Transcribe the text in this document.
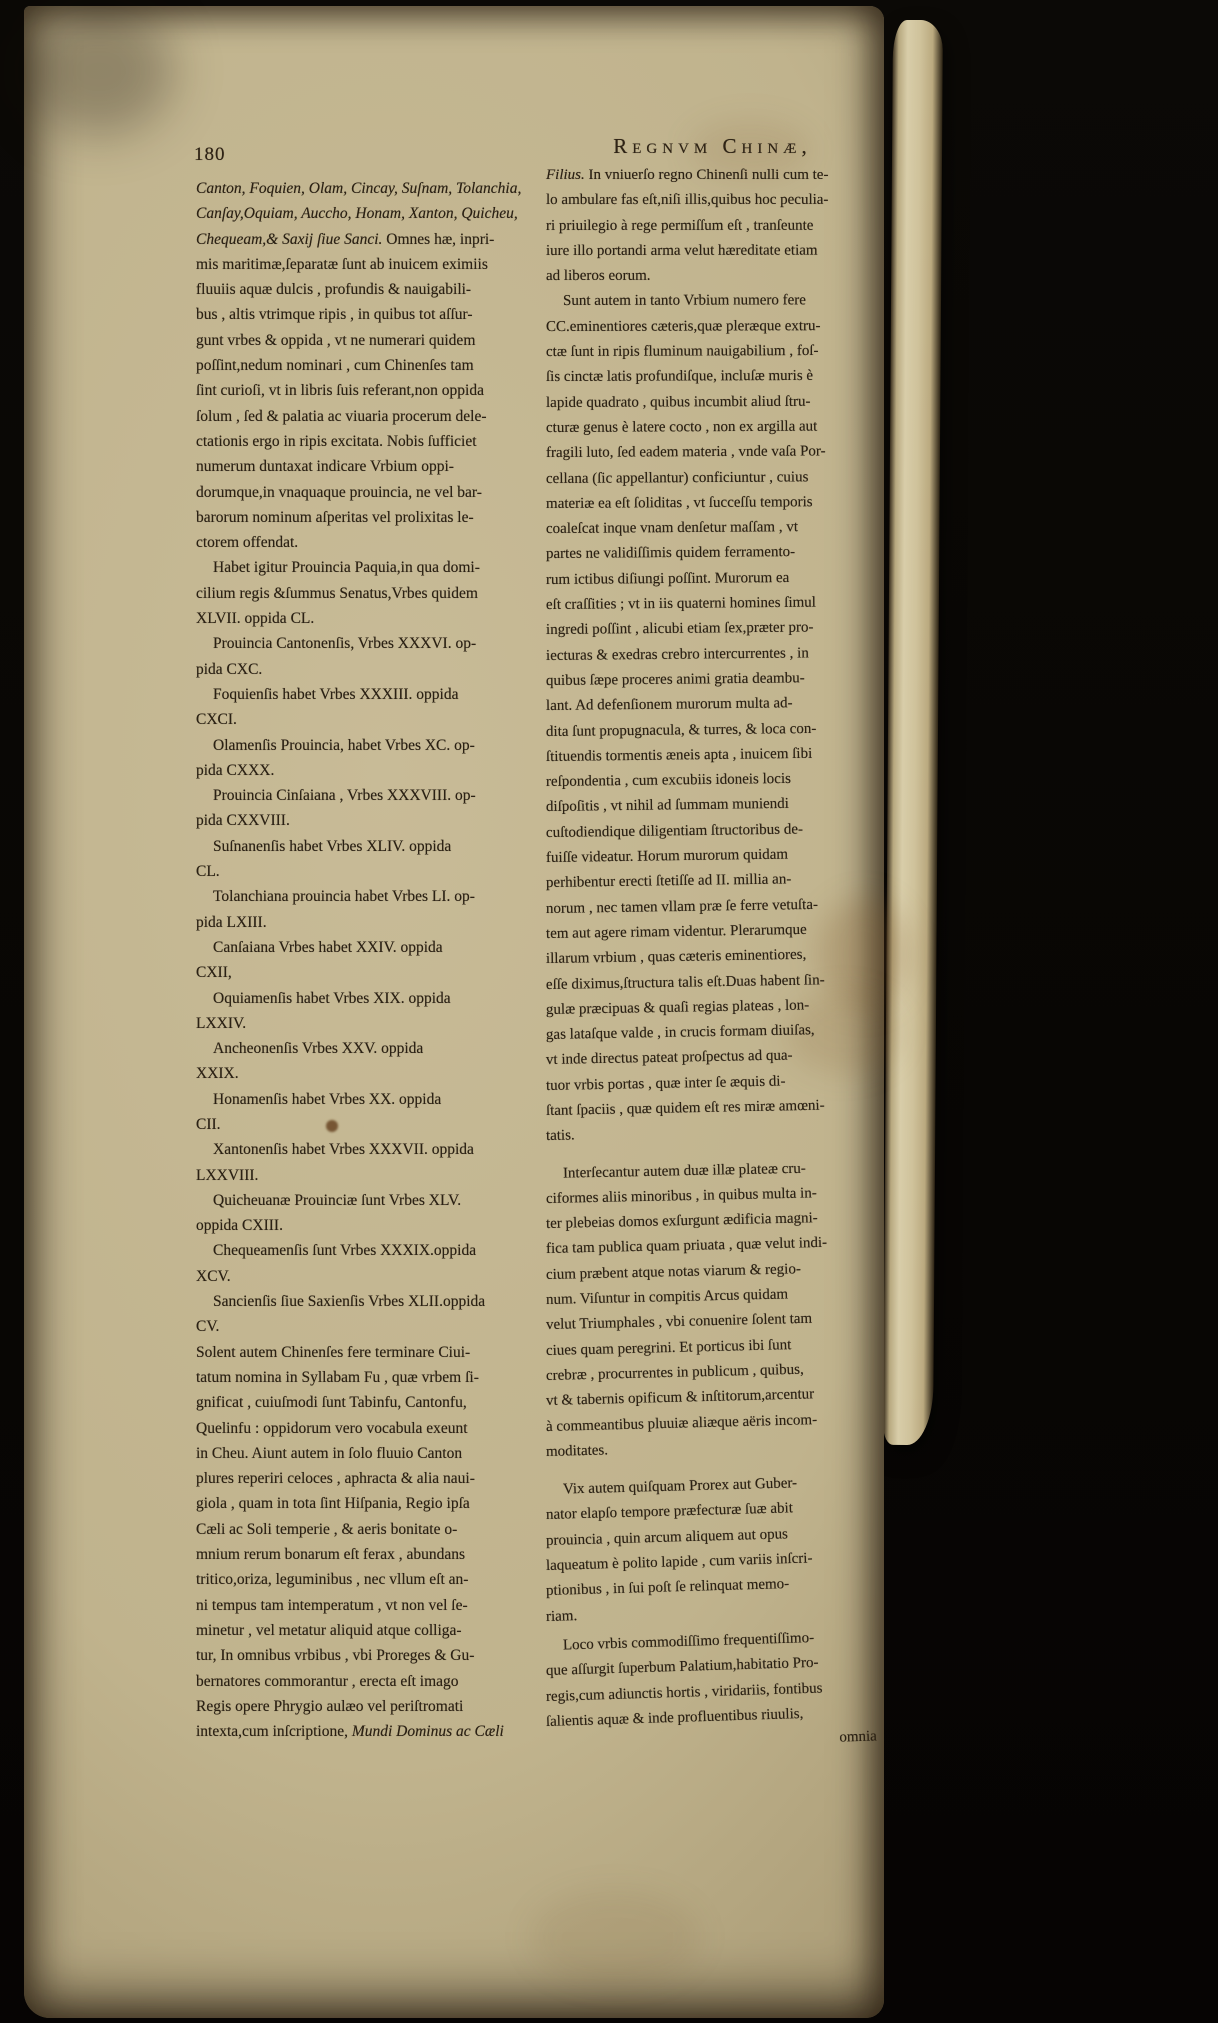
180	Regnvm Chinæ,
Canton, Foquien, Olam, Cincay, Suſnam, Tolanchia,
Canſay,Oquiam, Auccho, Honam, Xanton, Quicheu,
Chequeam,& Saxij ſiue Sanci. Omnes hæ, inpri-
mis maritimæ,ſeparatæ ſunt ab inuicem eximiis
fluuiis aquæ dulcis , profundis & nauigabili-
bus , altis vtrimque ripis , in quibus tot aſſur-
gunt vrbes & oppida , vt ne numerari quidem
poſſint,nedum nominari , cum Chinenſes tam
ſint curioſi, vt in libris ſuis referant,non oppida
ſolum , ſed & palatia ac viuaria procerum dele-
ctationis ergo in ripis excitata. Nobis ſufficiet
numerum duntaxat indicare Vrbium oppi-
dorumque,in vnaquaque prouincia, ne vel bar-
barorum nominum aſperitas vel prolixitas le-
ctorem offendat.
Habet igitur Prouincia Paquia,in qua domi-
cilium regis &ſummus Senatus,Vrbes quidem
XLVII. oppida CL.
Prouincia Cantonenſis, Vrbes XXXVI. op-
pida CXC.
Foquienſis habet Vrbes XXXIII. oppida
CXCI.
Olamenſis Prouincia, habet Vrbes XC. op-
pida CXXX.
Prouincia Cinſaiana , Vrbes XXXVIII. op-
pida CXXVIII.
Suſnanenſis habet Vrbes XLIV. oppida
CL.
Tolanchiana prouincia habet Vrbes LI. op-
pida LXIII.
Canſaiana Vrbes habet XXIV. oppida
CXII,
Oquiamenſis habet Vrbes XIX. oppida
LXXIV.
Ancheonenſis Vrbes XXV. oppida
XXIX.
Honamenſis habet Vrbes XX. oppida
CII.
Xantonenſis habet Vrbes XXXVII. oppida
LXXVIII.
Quicheuanæ Prouinciæ ſunt Vrbes XLV.
oppida CXIII.
Chequeamenſis ſunt Vrbes XXXIX.oppida
XCV.
Sancienſis ſiue Saxienſis Vrbes XLII.oppida
CV.
Solent autem Chinenſes fere terminare Ciui-
tatum nomina in Syllabam Fu , quæ vrbem ſi-
gnificat , cuiuſmodi ſunt Tabinfu, Cantonfu,
Quelinfu : oppidorum vero vocabula exeunt
in Cheu. Aiunt autem in ſolo fluuio Canton
plures reperiri celoces , aphracta & alia naui-
giola , quam in tota ſint Hiſpania, Regio ipſa
Cæli ac Soli temperie , & aeris bonitate o-
mnium rerum bonarum eſt ferax , abundans
tritico,oriza, leguminibus , nec vllum eſt an-
ni tempus tam intemperatum , vt non vel ſe-
minetur , vel metatur aliquid atque colliga-
tur, In omnibus vrbibus , vbi Proreges & Gu-
bernatores commorantur , erecta eſt imago
Regis opere Phrygio aulæo vel periſtromati
intexta,cum inſcriptione, Mundi Dominus ac Cæli
Filius. In vniuerſo regno Chinenſi nulli cum te-
lo ambulare fas eſt,niſi illis,quibus hoc peculia-
ri priuilegio à rege permiſſum eſt , tranſeunte
iure illo portandi arma velut hæreditate etiam
ad liberos eorum.
Sunt autem in tanto Vrbium numero fere
CC.eminentiores cæteris,quæ pleræque extru-
ctæ ſunt in ripis fluminum nauigabilium , foſ-
ſis cinctæ latis profundiſque, incluſæ muris è
lapide quadrato , quibus incumbit aliud ſtru-
cturæ genus è latere cocto , non ex argilla aut
fragili luto, ſed eadem materia , vnde vaſa Por-
cellana (ſic appellantur) conficiuntur , cuius
materiæ ea eſt ſoliditas , vt ſucceſſu temporis
coaleſcat inque vnam denſetur maſſam , vt
partes ne validiſſimis quidem ferramento-
rum ictibus diſiungi poſſint. Murorum ea
eſt craſſities ; vt in iis quaterni homines ſimul
ingredi poſſint , alicubi etiam ſex,præter pro-
iecturas & exedras crebro intercurrentes , in
quibus ſæpe proceres animi gratia deambu-
lant. Ad defenſionem murorum multa ad-
dita ſunt propugnacula, & turres, & loca con-
ſtituendis tormentis æneis apta , inuicem ſibi
reſpondentia , cum excubiis idoneis locis
diſpoſitis , vt nihil ad ſummam muniendi
cuſtodiendique diligentiam ſtructoribus de-
fuiſſe videatur. Horum murorum quidam
perhibentur erecti ſtetiſſe ad II. millia an-
norum , nec tamen vllam præ ſe ferre vetuſta-
tem aut agere rimam videntur. Plerarumque
illarum vrbium , quas cæteris eminentiores,
eſſe diximus,ſtructura talis eſt.Duas habent ſin-
gulæ præcipuas & quaſi regias plateas , lon-
gas lataſque valde , in crucis formam diuiſas,
vt inde directus pateat proſpectus ad qua-
tuor vrbis portas , quæ inter ſe æquis di-
ſtant ſpaciis , quæ quidem eſt res miræ amœni-
tatis.
Interſecantur autem duæ illæ plateæ cru-
ciformes aliis minoribus , in quibus multa in-
ter plebeias domos exſurgunt ædificia magni-
fica tam publica quam priuata , quæ velut indi-
cium præbent atque notas viarum & regio-
num. Viſuntur in compitis Arcus quidam
velut Triumphales , vbi conuenire ſolent tam
ciues quam peregrini. Et porticus ibi ſunt
crebræ , procurrentes in publicum , quibus,
vt & tabernis opificum & inſtitorum,arcentur
à commeantibus pluuiæ aliæque aëris incom-
moditates.
Vix autem quiſquam Prorex aut Guber-
nator elapſo tempore præfecturæ ſuæ abit
prouincia , quin arcum aliquem aut opus
laqueatum è polito lapide , cum variis inſcri-
ptionibus , in ſui poſt ſe relinquat memo-
riam.
Loco vrbis commodiſſimo frequentiſſimo-
que aſſurgit ſuperbum Palatium,habitatio Pro-
regis,cum adiunctis hortis , viridariis, fontibus
ſalientis aquæ & inde profluentibus riuulis,
omnia
